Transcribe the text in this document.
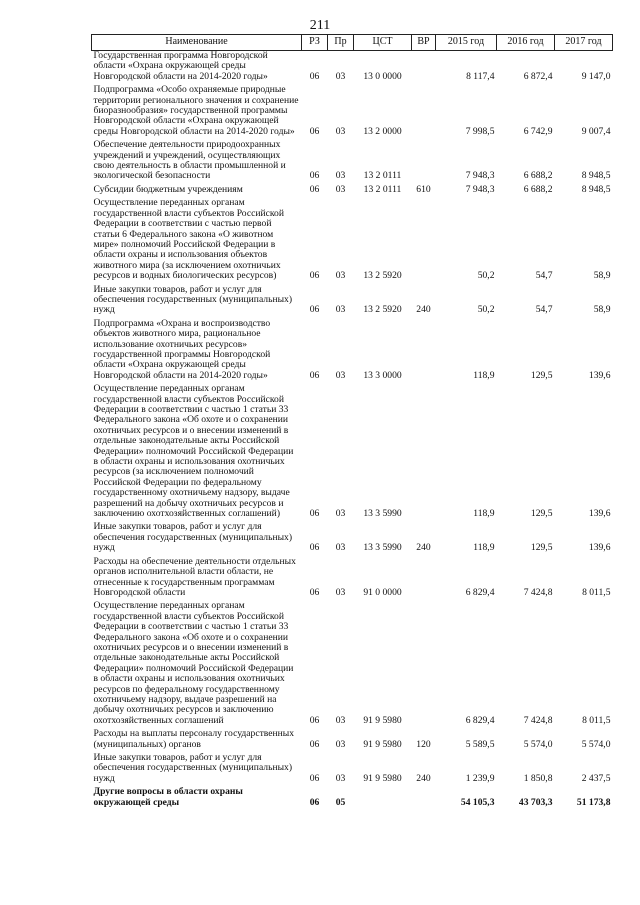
211
Наименование	РЗ	Пр	ЦСТ	ВР	2015 год	2016 год	2017 год
Государственная программа Новгородской области «Охрана окружающей среды Новгородской области на 2014-2020 годы»	06	03	13 0 0000		8 117,4	6 872,4	9 147,0
Подпрограмма «Особо охраняемые природные территории регионального значения и сохранение биоразнообразия» государственной программы Новгородской области «Охрана окружающей среды Новгородской области на 2014-2020 годы»	06	03	13 2 0000		7 998,5	6 742,9	9 007,4
Обеспечение деятельности природоохранных учреждений и учреждений, осуществляющих свою деятельность в области промышленной и экологической безопасности	06	03	13 2 0111		7 948,3	6 688,2	8 948,5
Субсидии бюджетным учреждениям	06	03	13 2 0111	610	7 948,3	6 688,2	8 948,5
Осуществление переданных органам государственной власти субъектов Российской Федерации в соответствии с частью первой статьи 6 Федерального закона «О животном мире» полномочий Российской Федерации в области охраны и использования объектов животного мира (за исключением охотничьих ресурсов и водных биологических ресурсов)	06	03	13 2 5920		50,2	54,7	58,9
Иные закупки товаров, работ и услуг для обеспечения государственных (муниципальных) нужд	06	03	13 2 5920	240	50,2	54,7	58,9
Подпрограмма «Охрана и воспроизводство объектов животного мира, рациональное использование охотничьих ресурсов» государственной программы Новгородской области «Охрана окружающей среды Новгородской области на 2014-2020 годы»	06	03	13 3 0000		118,9	129,5	139,6
Осуществление переданных органам государственной власти субъектов Российской Федерации в соответствии с частью 1 статьи 33 Федерального закона «Об охоте и о сохранении охотничьих ресурсов и о внесении изменений в отдельные законодательные акты Российской Федерации» полномочий Российской Федерации в области охраны и использования охотничьих ресурсов (за исключением полномочий Российской Федерации по федеральному государственному охотничьему надзору, выдаче разрешений на добычу охотничьих ресурсов и заключению охотхозяйственных соглашений)	06	03	13 3 5990		118,9	129,5	139,6
Иные закупки товаров, работ и услуг для обеспечения государственных (муниципальных) нужд	06	03	13 3 5990	240	118,9	129,5	139,6
Расходы на обеспечение деятельности отдельных органов исполнительной власти области, не отнесенные к государственным программам Новгородской области	06	03	91 0 0000		6 829,4	7 424,8	8 011,5
Осуществление переданных органам государственной власти субъектов Российской Федерации в соответствии с частью 1 статьи 33 Федерального закона «Об охоте и о сохранении охотничьих ресурсов и о внесении изменений в отдельные законодательные акты Российской Федерации» полномочий Российской Федерации в области охраны и использования охотничьих ресурсов по федеральному государственному охотничьему надзору, выдаче разрешений на добычу охотничьих ресурсов и заключению охотхозяйственных соглашений	06	03	91 9 5980		6 829,4	7 424,8	8 011,5
Расходы на выплаты персоналу государственных (муниципальных) органов	06	03	91 9 5980	120	5 589,5	5 574,0	5 574,0
Иные закупки товаров, работ и услуг для обеспечения государственных (муниципальных) нужд	06	03	91 9 5980	240	1 239,9	1 850,8	2 437,5
Другие вопросы в области охраны окружающей среды	06	05			54 105,3	43 703,3	51 173,8
